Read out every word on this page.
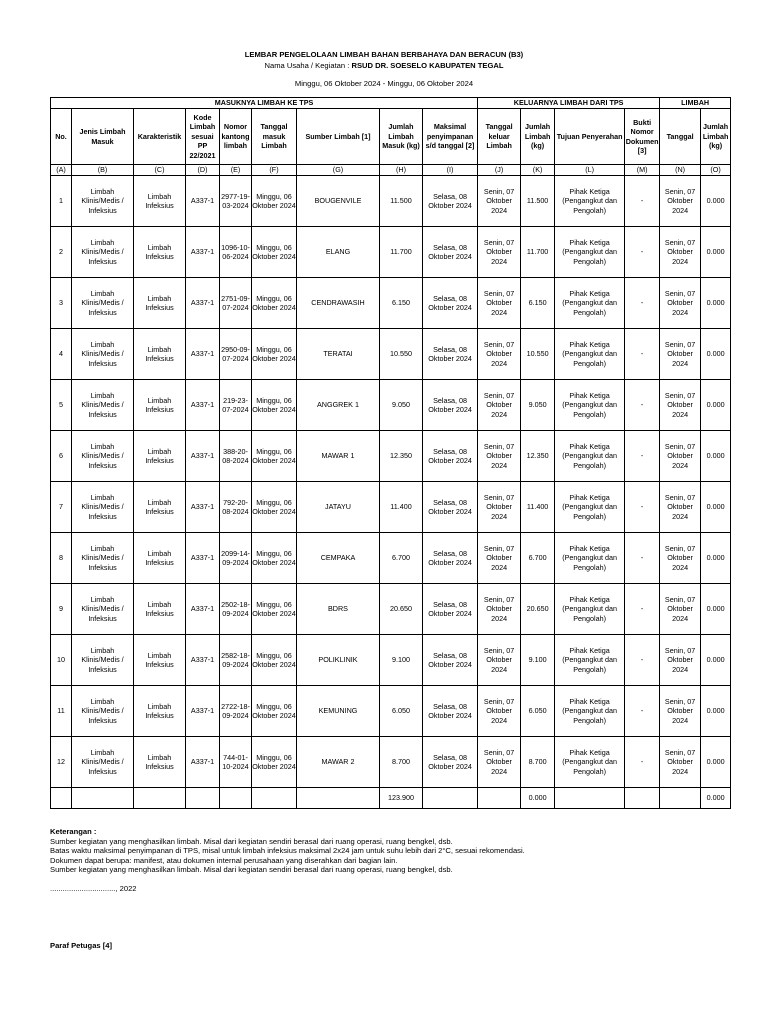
LEMBAR PENGELOLAAN LIMBAH BAHAN BERBAHAYA DAN BERACUN (B3)
Nama Usaha / Kegiatan : RSUD DR. SOESELO KABUPATEN TEGAL
Minggu, 06 Oktober 2024 - Minggu, 06 Oktober 2024
MASUKNYA LIMBAH KE TPS									KELUARNYA LIMBAH DARI TPS				LIMBAH	
No.	Jenis Limbah Masuk	Karakteristik	Kode Limbah sesuai PP 22/2021	Nomor kantong limbah	Tanggal masuk Limbah	Sumber Limbah [1]	Jumlah Limbah Masuk (kg)	Maksimal penyimpanan s/d tanggal [2]	Tanggal keluar Limbah	Jumlah Limbah (kg)	Tujuan Penyerahan	Bukti Nomor Dokumen [3]	Tanggal	Jumlah Limbah (kg)
(A)	(B)	(C)	(D)	(E)	(F)	(G)	(H)	(I)	(J)	(K)	(L)	(M)	(N)	(O)
1	Limbah Klinis/Medis / Infeksius	Limbah Infeksius	A337-1	2977-19-03-2024	Minggu, 06 Oktober 2024	BOUGENVILE	11.500	Selasa, 08 Oktober 2024	Senin, 07 Oktober 2024	11.500	Pihak Ketiga (Pengangkut dan Pengolah)	-	Senin, 07 Oktober 2024	0.000
2	Limbah Klinis/Medis / Infeksius	Limbah Infeksius	A337-1	1096-10-06-2024	Minggu, 06 Oktober 2024	ELANG	11.700	Selasa, 08 Oktober 2024	Senin, 07 Oktober 2024	11.700	Pihak Ketiga (Pengangkut dan Pengolah)	-	Senin, 07 Oktober 2024	0.000
3	Limbah Klinis/Medis / Infeksius	Limbah Infeksius	A337-1	2751-09-07-2024	Minggu, 06 Oktober 2024	CENDRAWASIH	6.150	Selasa, 08 Oktober 2024	Senin, 07 Oktober 2024	6.150	Pihak Ketiga (Pengangkut dan Pengolah)	-	Senin, 07 Oktober 2024	0.000
4	Limbah Klinis/Medis / Infeksius	Limbah Infeksius	A337-1	2950-09-07-2024	Minggu, 06 Oktober 2024	TERATAI	10.550	Selasa, 08 Oktober 2024	Senin, 07 Oktober 2024	10.550	Pihak Ketiga (Pengangkut dan Pengolah)	-	Senin, 07 Oktober 2024	0.000
5	Limbah Klinis/Medis / Infeksius	Limbah Infeksius	A337-1	219-23-07-2024	Minggu, 06 Oktober 2024	ANGGREK 1	9.050	Selasa, 08 Oktober 2024	Senin, 07 Oktober 2024	9.050	Pihak Ketiga (Pengangkut dan Pengolah)	-	Senin, 07 Oktober 2024	0.000
6	Limbah Klinis/Medis / Infeksius	Limbah Infeksius	A337-1	388-20-08-2024	Minggu, 06 Oktober 2024	MAWAR 1	12.350	Selasa, 08 Oktober 2024	Senin, 07 Oktober 2024	12.350	Pihak Ketiga (Pengangkut dan Pengolah)	-	Senin, 07 Oktober 2024	0.000
7	Limbah Klinis/Medis / Infeksius	Limbah Infeksius	A337-1	792-20-08-2024	Minggu, 06 Oktober 2024	JATAYU	11.400	Selasa, 08 Oktober 2024	Senin, 07 Oktober 2024	11.400	Pihak Ketiga (Pengangkut dan Pengolah)	-	Senin, 07 Oktober 2024	0.000
8	Limbah Klinis/Medis / Infeksius	Limbah Infeksius	A337-1	2099-14-09-2024	Minggu, 06 Oktober 2024	CEMPAKA	6.700	Selasa, 08 Oktober 2024	Senin, 07 Oktober 2024	6.700	Pihak Ketiga (Pengangkut dan Pengolah)	-	Senin, 07 Oktober 2024	0.000
9	Limbah Klinis/Medis / Infeksius	Limbah Infeksius	A337-1	2502-18-09-2024	Minggu, 06 Oktober 2024	BDRS	20.650	Selasa, 08 Oktober 2024	Senin, 07 Oktober 2024	20.650	Pihak Ketiga (Pengangkut dan Pengolah)	-	Senin, 07 Oktober 2024	0.000
10	Limbah Klinis/Medis / Infeksius	Limbah Infeksius	A337-1	2582-18-09-2024	Minggu, 06 Oktober 2024	POLIKLINIK	9.100	Selasa, 08 Oktober 2024	Senin, 07 Oktober 2024	9.100	Pihak Ketiga (Pengangkut dan Pengolah)	-	Senin, 07 Oktober 2024	0.000
11	Limbah Klinis/Medis / Infeksius	Limbah Infeksius	A337-1	2722-18-09-2024	Minggu, 06 Oktober 2024	KEMUNING	6.050	Selasa, 08 Oktober 2024	Senin, 07 Oktober 2024	6.050	Pihak Ketiga (Pengangkut dan Pengolah)	-	Senin, 07 Oktober 2024	0.000
12	Limbah Klinis/Medis / Infeksius	Limbah Infeksius	A337-1	744-01-10-2024	Minggu, 06 Oktober 2024	MAWAR 2	8.700	Selasa, 08 Oktober 2024	Senin, 07 Oktober 2024	8.700	Pihak Ketiga (Pengangkut dan Pengolah)	-	Senin, 07 Oktober 2024	0.000
							123.900			0.000				0.000
Keterangan :
Sumber kegiatan yang menghasilkan limbah. Misal dari kegiatan sendiri berasal dari ruang operasi, ruang bengkel, dsb.
Batas waktu maksimal penyimpanan di TPS, misal untuk limbah infeksius maksimal 2x24 jam untuk suhu lebih dari 2°C, sesuai rekomendasi.
Dokumen dapat berupa: manifest, atau dokumen internal perusahaan yang diserahkan dari bagian lain.
Sumber kegiatan yang menghasilkan limbah. Misal dari kegiatan sendiri berasal dari ruang operasi, ruang bengkel, dsb.
..............................., 2022
Paraf Petugas [4]
